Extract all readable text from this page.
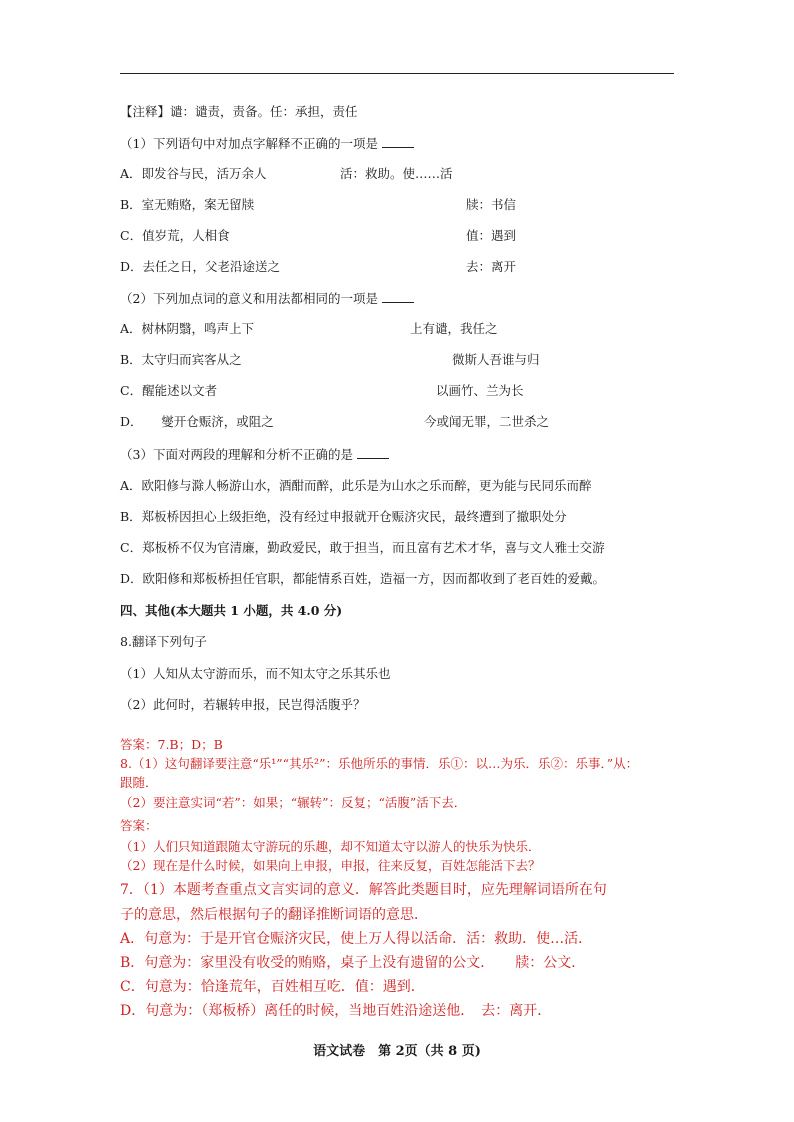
【注释】谴：谴责，责备。任：承担，责任
（1）下列语句中对加点字解释不正确的一项是
A．即发谷与民，活万余人	活：救助。使……活
B．室无贿赂，案无留牍	牍：书信
C．值岁荒，人相食	值：遇到
D．去任之日，父老沿途送之	去：离开
（2）下列加点词的意义和用法都相同的一项是
A．树林阴翳，鸣声上下	上有谴，我任之
B．太守归而宾客从之	微斯人吾谁与归
C．醒能述以文者	以画竹、兰为长
D．　　燮开仓赈济，或阻之	今或闻无罪，二世杀之
（3）下面对两段的理解和分析不正确的是
A．欧阳修与滁人畅游山水，酒酣而醉，此乐是为山水之乐而醉，更为能与民同乐而醉
B．郑板桥因担心上级拒绝，没有经过申报就开仓赈济灾民，最终遭到了撤职处分
C．郑板桥不仅为官清廉，勤政爱民，敢于担当，而且富有艺术才华，喜与文人雅士交游
D．欧阳修和郑板桥担任官职，都能情系百姓，造福一方，因而都收到了老百姓的爱戴。
四、其他(本大题共 1 小题，共 4.0 分)
8.翻译下列句子
（1）人知从太守游而乐，而不知太守之乐其乐也
（2）此何时，若辗转申报，民岂得活腹乎？
答案：7.B；D；B
8.（1）这句翻译要注意“乐¹”“其乐²”：乐他所乐的事情．乐①：以…为乐．乐②：乐事．”从：
跟随．
（2）要注意实词“若”：如果；“辗转”：反复；“活腹”活下去．
答案：
（1）人们只知道跟随太守游玩的乐趣，却不知道太守以游人的快乐为快乐．
（2）现在是什么时候，如果向上申报，申报，往来反复，百姓怎能活下去？
7．（1）本题考查重点文言实词的意义．解答此类题目时，应先理解词语所在句
子的意思，然后根据句子的翻译推断词语的意思．
A．句意为：于是开官仓赈济灾民，使上万人得以活命．活：救助．使…活．
B．句意为：家里没有收受的贿赂，桌子上没有遗留的公文．　　牍：公文．
C．句意为：恰逢荒年，百姓相互吃．值：遇到．
D．句意为：（郑板桥）离任的时候，当地百姓沿途送他．　去：离开．
语文试卷　第 2页（共 8 页)
